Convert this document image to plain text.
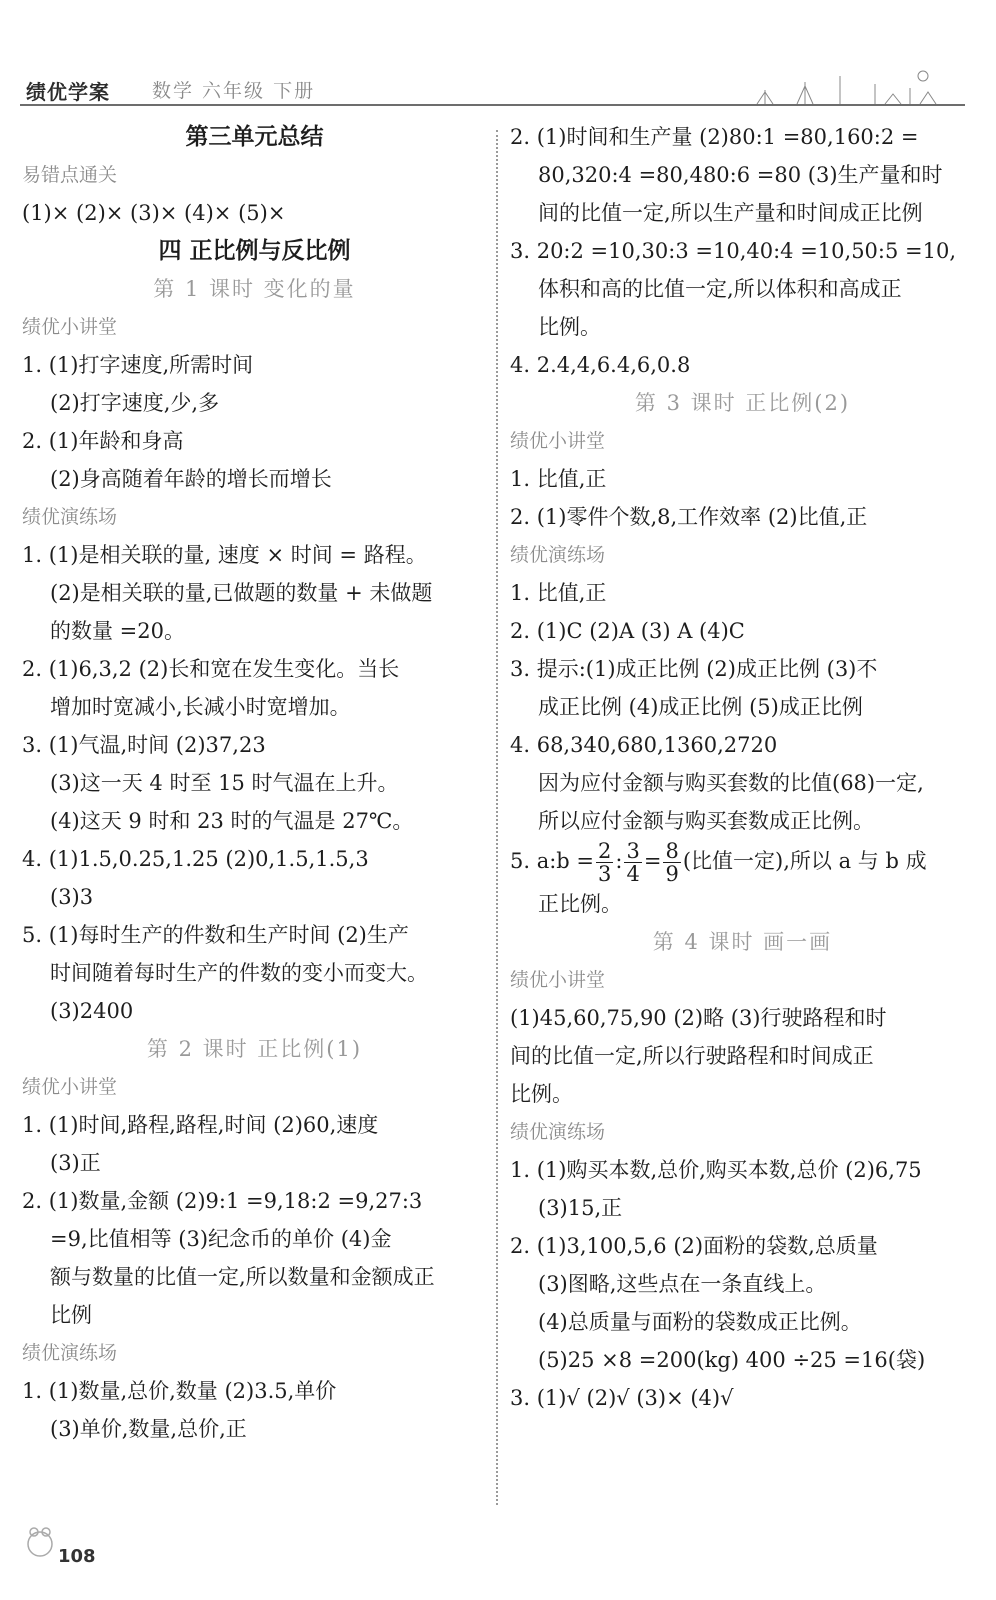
绩优学案 数学 六年级 下册
第三单元总结
易错点通关
(1)× (2)× (3)× (4)× (5)×
四 正比例与反比例
第 1 课时 变化的量
绩优小讲堂
1. (1)打字速度,所需时间
(2)打字速度,少,多
2. (1)年龄和身高
(2)身高随着年龄的增长而增长
绩优演练场
1. (1)是相关联的量, 速度 × 时间 = 路程。
(2)是相关联的量,已做题的数量 + 未做题
的数量 =20。
2. (1)6,3,2 (2)长和宽在发生变化。当长
增加时宽减小,长减小时宽增加。
3. (1)气温,时间 (2)37,23
(3)这一天 4 时至 15 时气温在上升。
(4)这天 9 时和 23 时的气温是 27℃。
4. (1)1.5,0.25,1.25 (2)0,1.5,1.5,3
(3)3
5. (1)每时生产的件数和生产时间 (2)生产
时间随着每时生产的件数的变小而变大。
(3)2400
第 2 课时 正比例(1)
绩优小讲堂
1. (1)时间,路程,路程,时间 (2)60,速度
(3)正
2. (1)数量,金额 (2)9:1 =9,18:2 =9,27:3
=9,比值相等 (3)纪念币的单价 (4)金
额与数量的比值一定,所以数量和金额成正
比例
绩优演练场
1. (1)数量,总价,数量 (2)3.5,单价
(3)单价,数量,总价,正
2. (1)时间和生产量 (2)80:1 =80,160:2 =
80,320:4 =80,480:6 =80 (3)生产量和时
间的比值一定,所以生产量和时间成正比例
3. 20:2 =10,30:3 =10,40:4 =10,50:5 =10,
体积和高的比值一定,所以体积和高成正
比例。
4. 2.4,4,6.4,6,0.8
第 3 课时 正比例(2)
绩优小讲堂
1. 比值,正
2. (1)零件个数,8,工作效率 (2)比值,正
绩优演练场
1. 比值,正
2. (1)C (2)A (3) A (4)C
3. 提示:(1)成正比例 (2)成正比例 (3)不
成正比例 (4)成正比例 (5)成正比例
4. 68,340,680,1360,2720
因为应付金额与购买套数的比值(68)一定,
所以应付金额与购买套数成正比例。
5. a:b = $\frac{2}{3}$ : $\frac{3}{4} = \frac{8}{9}$ (比值一定),所以 a 与 b 成
正比例。
第 4 课时 画一画
绩优小讲堂
(1)45,60,75,90 (2)略 (3)行驶路程和时
间的比值一定,所以行驶路程和时间成正
比例。
绩优演练场
1. (1)购买本数,总价,购买本数,总价 (2)6,75
(3)15,正
2. (1)3,100,5,6 (2)面粉的袋数,总质量
(3)图略,这些点在一条直线上。
(4)总质量与面粉的袋数成正比例。
(5)25 ×8 =200(kg) 400 ÷25 =16(袋)
3. (1)√ (2)√ (3)× (4)√
108
